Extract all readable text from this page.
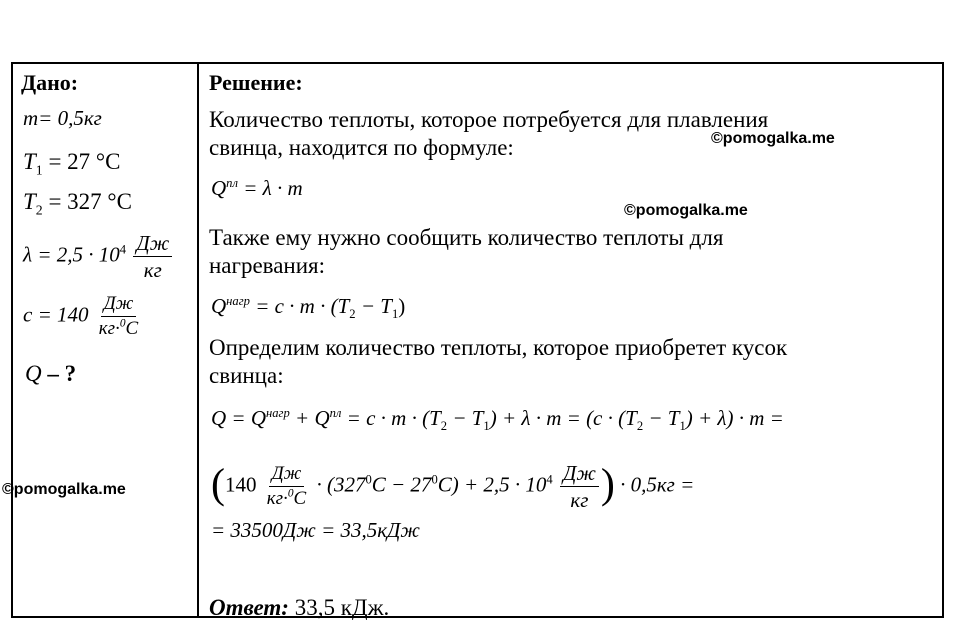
Дано:
m= 0,5кг
$T_1 = 27$ °C
$T_2 = 327$ °C
$\lambda = 2,5 \cdot 10^4 \frac{Дж}{кг}$
$c = 140 \frac{Дж}{кг\cdot^0C}$
Q – ?
Решение:
Количество теплоты, которое потребуется для плавления
свинца, находится по формуле:
$Q^{пл} = \lambda \cdot m$
Также ему нужно сообщить количество теплоты для
нагревания:
$Q^{нагр} = c \cdot m \cdot (T_2 - T_1)$
Определим количество теплоты, которое приобретет кусок
свинца:
$Q = Q^{нагр} + Q^{пл} = c \cdot m \cdot (T_2 - T_1) + \lambda \cdot m = (c \cdot (T_2 - T_1) + \lambda) \cdot m$ =
($140 \frac{Дж}{кг\cdot^0C} \cdot (327^0C - 27^0C) + 2,5 \cdot 10^4 \frac{Дж}{кг}$ ) · 0,5кг =
= 33500Дж = 33,5кДж
Ответ: 33,5 кДж.
©pomogalka.me
©pomogalka.me
©pomogalka.me
